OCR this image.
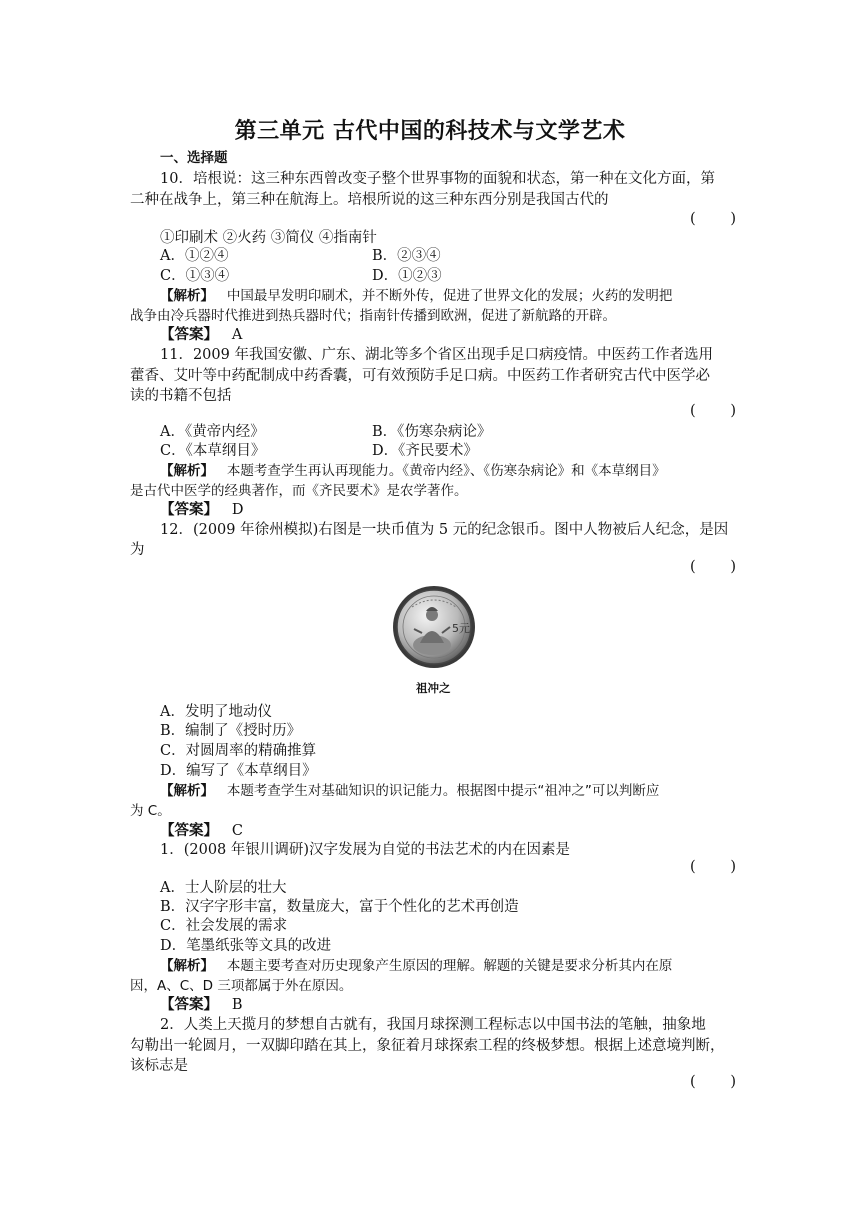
第三单元 古代中国的科技术与文学艺术
一、选择题
10．培根说：这三种东西曾改变子整个世界事物的面貌和状态，第一种在文化方面，第
二种在战争上，第三种在航海上。培根所说的这三种东西分别是我国古代的
( )
①印刷术 ②火药 ③简仪 ④指南针
A．①②④	B．②③④
C．①③④	D．①②③
【解析】 中国最早发明印刷术，并不断外传，促进了世界文化的发展；火药的发明把
战争由冷兵器时代推进到热兵器时代；指南针传播到欧洲，促进了新航路的开辟。
【答案】 A
11．2009 年我国安徽、广东、湖北等多个省区出现手足口病疫情。中医药工作者选用
藿香、艾叶等中药配制成中药香囊，可有效预防手足口病。中医药工作者研究古代中医学必
读的书籍不包括
( )
A．《黄帝内经》	B．《伤寒杂病论》
C．《本草纲目》	D．《齐民要术》
【解析】 本题考查学生再认再现能力。《黄帝内经》、《伤寒杂病论》和《本草纲目》
是古代中医学的经典著作，而《齐民要术》是农学著作。
【答案】 D
12．(2009 年徐州模拟)右图是一块币值为 5 元的纪念银币。图中人物被后人纪念，是因
为
( )
5元
祖冲之
A．发明了地动仪
B．编制了《授时历》
C．对圆周率的精确推算
D．编写了《本草纲目》
【解析】 本题考查学生对基础知识的识记能力。根据图中提示“祖冲之”可以判断应
为 C。
【答案】 C
1．(2008 年银川调研)汉字发展为自觉的书法艺术的内在因素是
( )
A．士人阶层的壮大
B．汉字字形丰富，数量庞大，富于个性化的艺术再创造
C．社会发展的需求
D．笔墨纸张等文具的改进
【解析】 本题主要考查对历史现象产生原因的理解。解题的关键是要求分析其内在原
因，A、C、D 三项都属于外在原因。
【答案】 B
2．人类上天揽月的梦想自古就有，我国月球探测工程标志以中国书法的笔触，抽象地
勾勒出一轮圆月，一双脚印踏在其上，象征着月球探索工程的终极梦想。根据上述意境判断，
该标志是
( )
